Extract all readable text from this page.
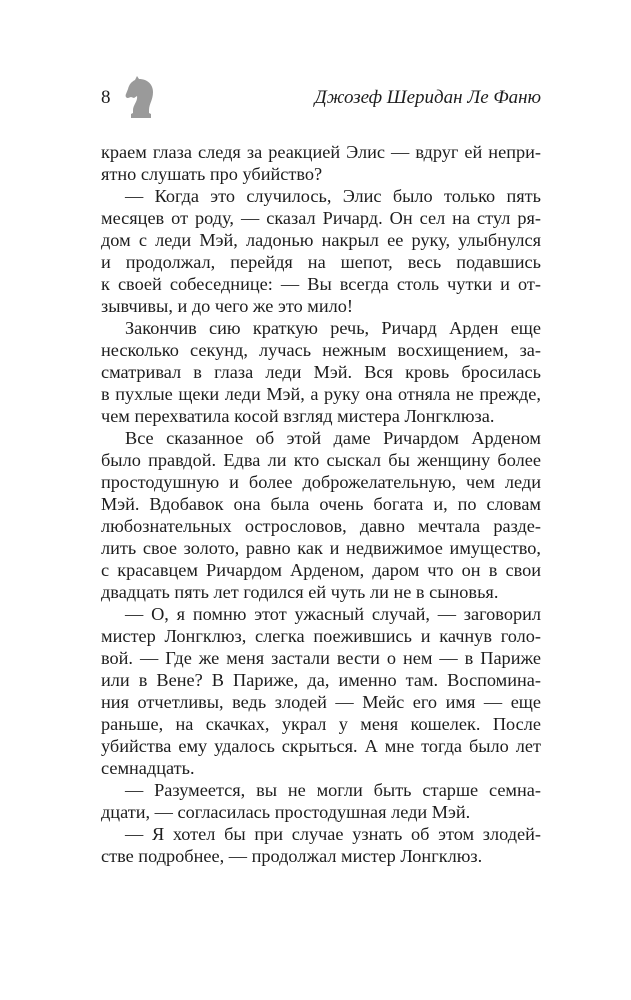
8	Джозеф Шеридан Ле Фаню
краем глаза следя за реакцией Элис — вдруг ей непри-
ятно слушать про убийство?
— Когда это случилось, Элис было только пять
месяцев от роду, — сказал Ричард. Он сел на стул ря-
дом с леди Мэй, ладонью накрыл ее руку, улыбнулся
и продолжал, перейдя на шепот, весь подавшись
к своей собеседнице: — Вы всегда столь чутки и от-
зывчивы, и до чего же это мило!
Закончив сию краткую речь, Ричард Арден еще
несколько секунд, лучась нежным восхищением, за-
сматривал в глаза леди Мэй. Вся кровь бросилась
в пухлые щеки леди Мэй, а руку она отняла не прежде,
чем перехватила косой взгляд мистера Лонгклюза.
Все сказанное об этой даме Ричардом Арденом
было правдой. Едва ли кто сыскал бы женщину более
простодушную и более доброжелательную, чем леди
Мэй. Вдобавок она была очень богата и, по словам
любознательных острословов, давно мечтала разде-
лить свое золото, равно как и недвижимое имущество,
с красавцем Ричардом Арденом, даром что он в свои
двадцать пять лет годился ей чуть ли не в сыновья.
— О, я помню этот ужасный случай, — заговорил
мистер Лонгклюз, слегка поежившись и качнув голо-
вой. — Где же меня застали вести о нем — в Париже
или в Вене? В Париже, да, именно там. Воспомина-
ния отчетливы, ведь злодей — Мейс его имя — еще
раньше, на скачках, украл у меня кошелек. После
убийства ему удалось скрыться. А мне тогда было лет
семнадцать.
— Разумеется, вы не могли быть старше семна-
дцати, — согласилась простодушная леди Мэй.
— Я хотел бы при случае узнать об этом злодей-
стве подробнее, — продолжал мистер Лонгклюз.
